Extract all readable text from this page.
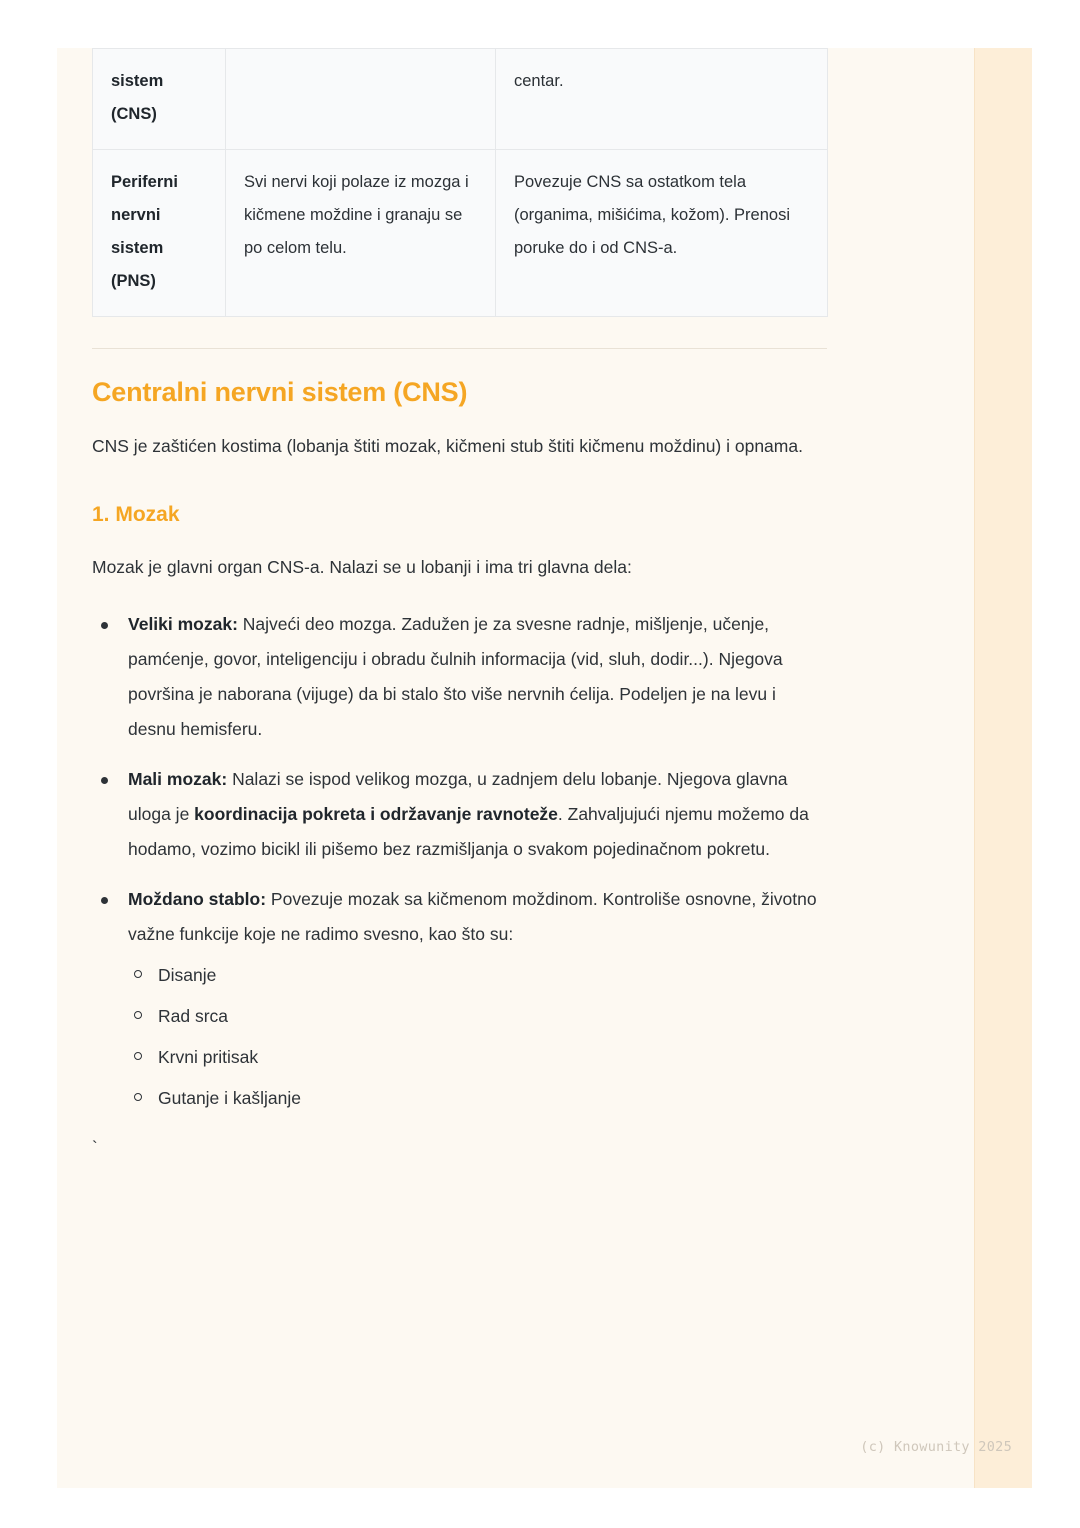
(c) Knowunity 2025
sistem
(CNS)		centar.
Periferni
nervni
sistem
(PNS)	Svi nervi koji polaze iz mozga i kičmene moždine i granaju se po celom telu.	Povezuje CNS sa ostatkom tela (organima, mišićima, kožom). Prenosi poruke do i od CNS-a.
Centralni nervni sistem (CNS)

CNS je zaštićen kostima (lobanja štiti mozak, kičmeni stub štiti kičmenu moždinu) i opnama.

1. Mozak

Mozak je glavni organ CNS-a. Nalazi se u lobanji i ima tri glavna dela:

Veliki mozak: Najveći deo mozga. Zadužen je za svesne radnje, mišljenje, učenje, pamćenje, govor, inteligenciju i obradu čulnih informacija (vid, sluh, dodir...). Njegova površina je naborana (vijuge) da bi stalo što više nervnih ćelija. Podeljen je na levu i desnu hemisferu.
Mali mozak: Nalazi se ispod velikog mozga, u zadnjem delu lobanje. Njegova glavna uloga je koordinacija pokreta i održavanje ravnoteže. Zahvaljujući njemu možemo da hodamo, vozimo bicikl ili pišemo bez razmišljanja o svakom pojedinačnom pokretu.
Moždano stablo: Povezuje mozak sa kičmenom moždinom. Kontroliše osnovne, životno važne funkcije koje ne radimo svesno, kao što su:
Disanje
Rad srca
Krvni pritisak
Gutanje i kašljanje
`
